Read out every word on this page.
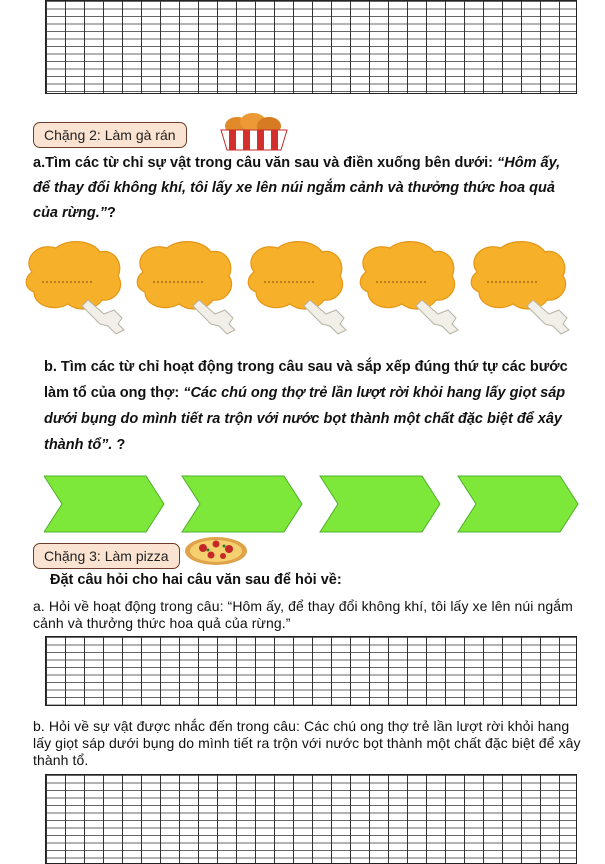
Chặng 2: Làm gà rán
a.Tìm các từ chỉ sự vật trong câu văn sau và điền xuống bên dưới: “Hôm ấy, để thay đổi không khí, tôi lấy xe lên núi ngắm cảnh và thưởng thức hoa quả của rừng.”?
b. Tìm các từ chỉ hoạt động trong câu sau và sắp xếp đúng thứ tự các bước làm tổ của ong thợ: “Các chú ong thợ trẻ lần lượt rời khỏi hang lấy giọt sáp dưới bụng do mình tiết ra trộn với nước bọt thành một chất đặc biệt để xây thành tổ”. ?
Chặng 3: Làm pizza
Đặt câu hỏi cho hai câu văn sau để hỏi về:
a. Hỏi về hoạt động trong câu: “Hôm ấy, để thay đổi không khí, tôi lấy xe lên núi ngắm cảnh và thưởng thức hoa quả của rừng.”
b. Hỏi về sự vật được nhắc đến trong câu: Các chú ong thợ trẻ lần lượt rời khỏi hang lấy giọt sáp dưới bụng do mình tiết ra trộn với nước bọt thành một chất đặc biệt để xây thành tổ.
